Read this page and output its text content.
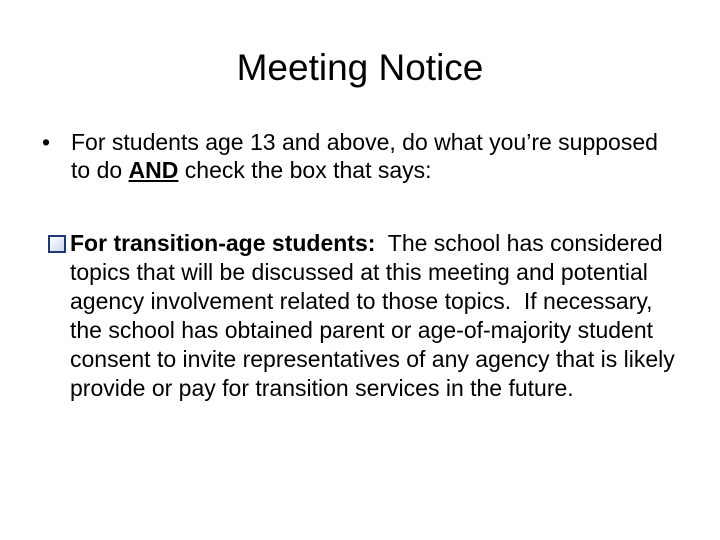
Meeting Notice
• For students age 13 and above, do what you’re supposed to do AND check the box that says:
For transition-age students:  The school has considered topics that will be discussed at this meeting and potential agency involvement related to those topics.  If necessary, the school has obtained parent or age-of-majority student consent to invite representatives of any agency that is likely provide or pay for transition services in the future.
